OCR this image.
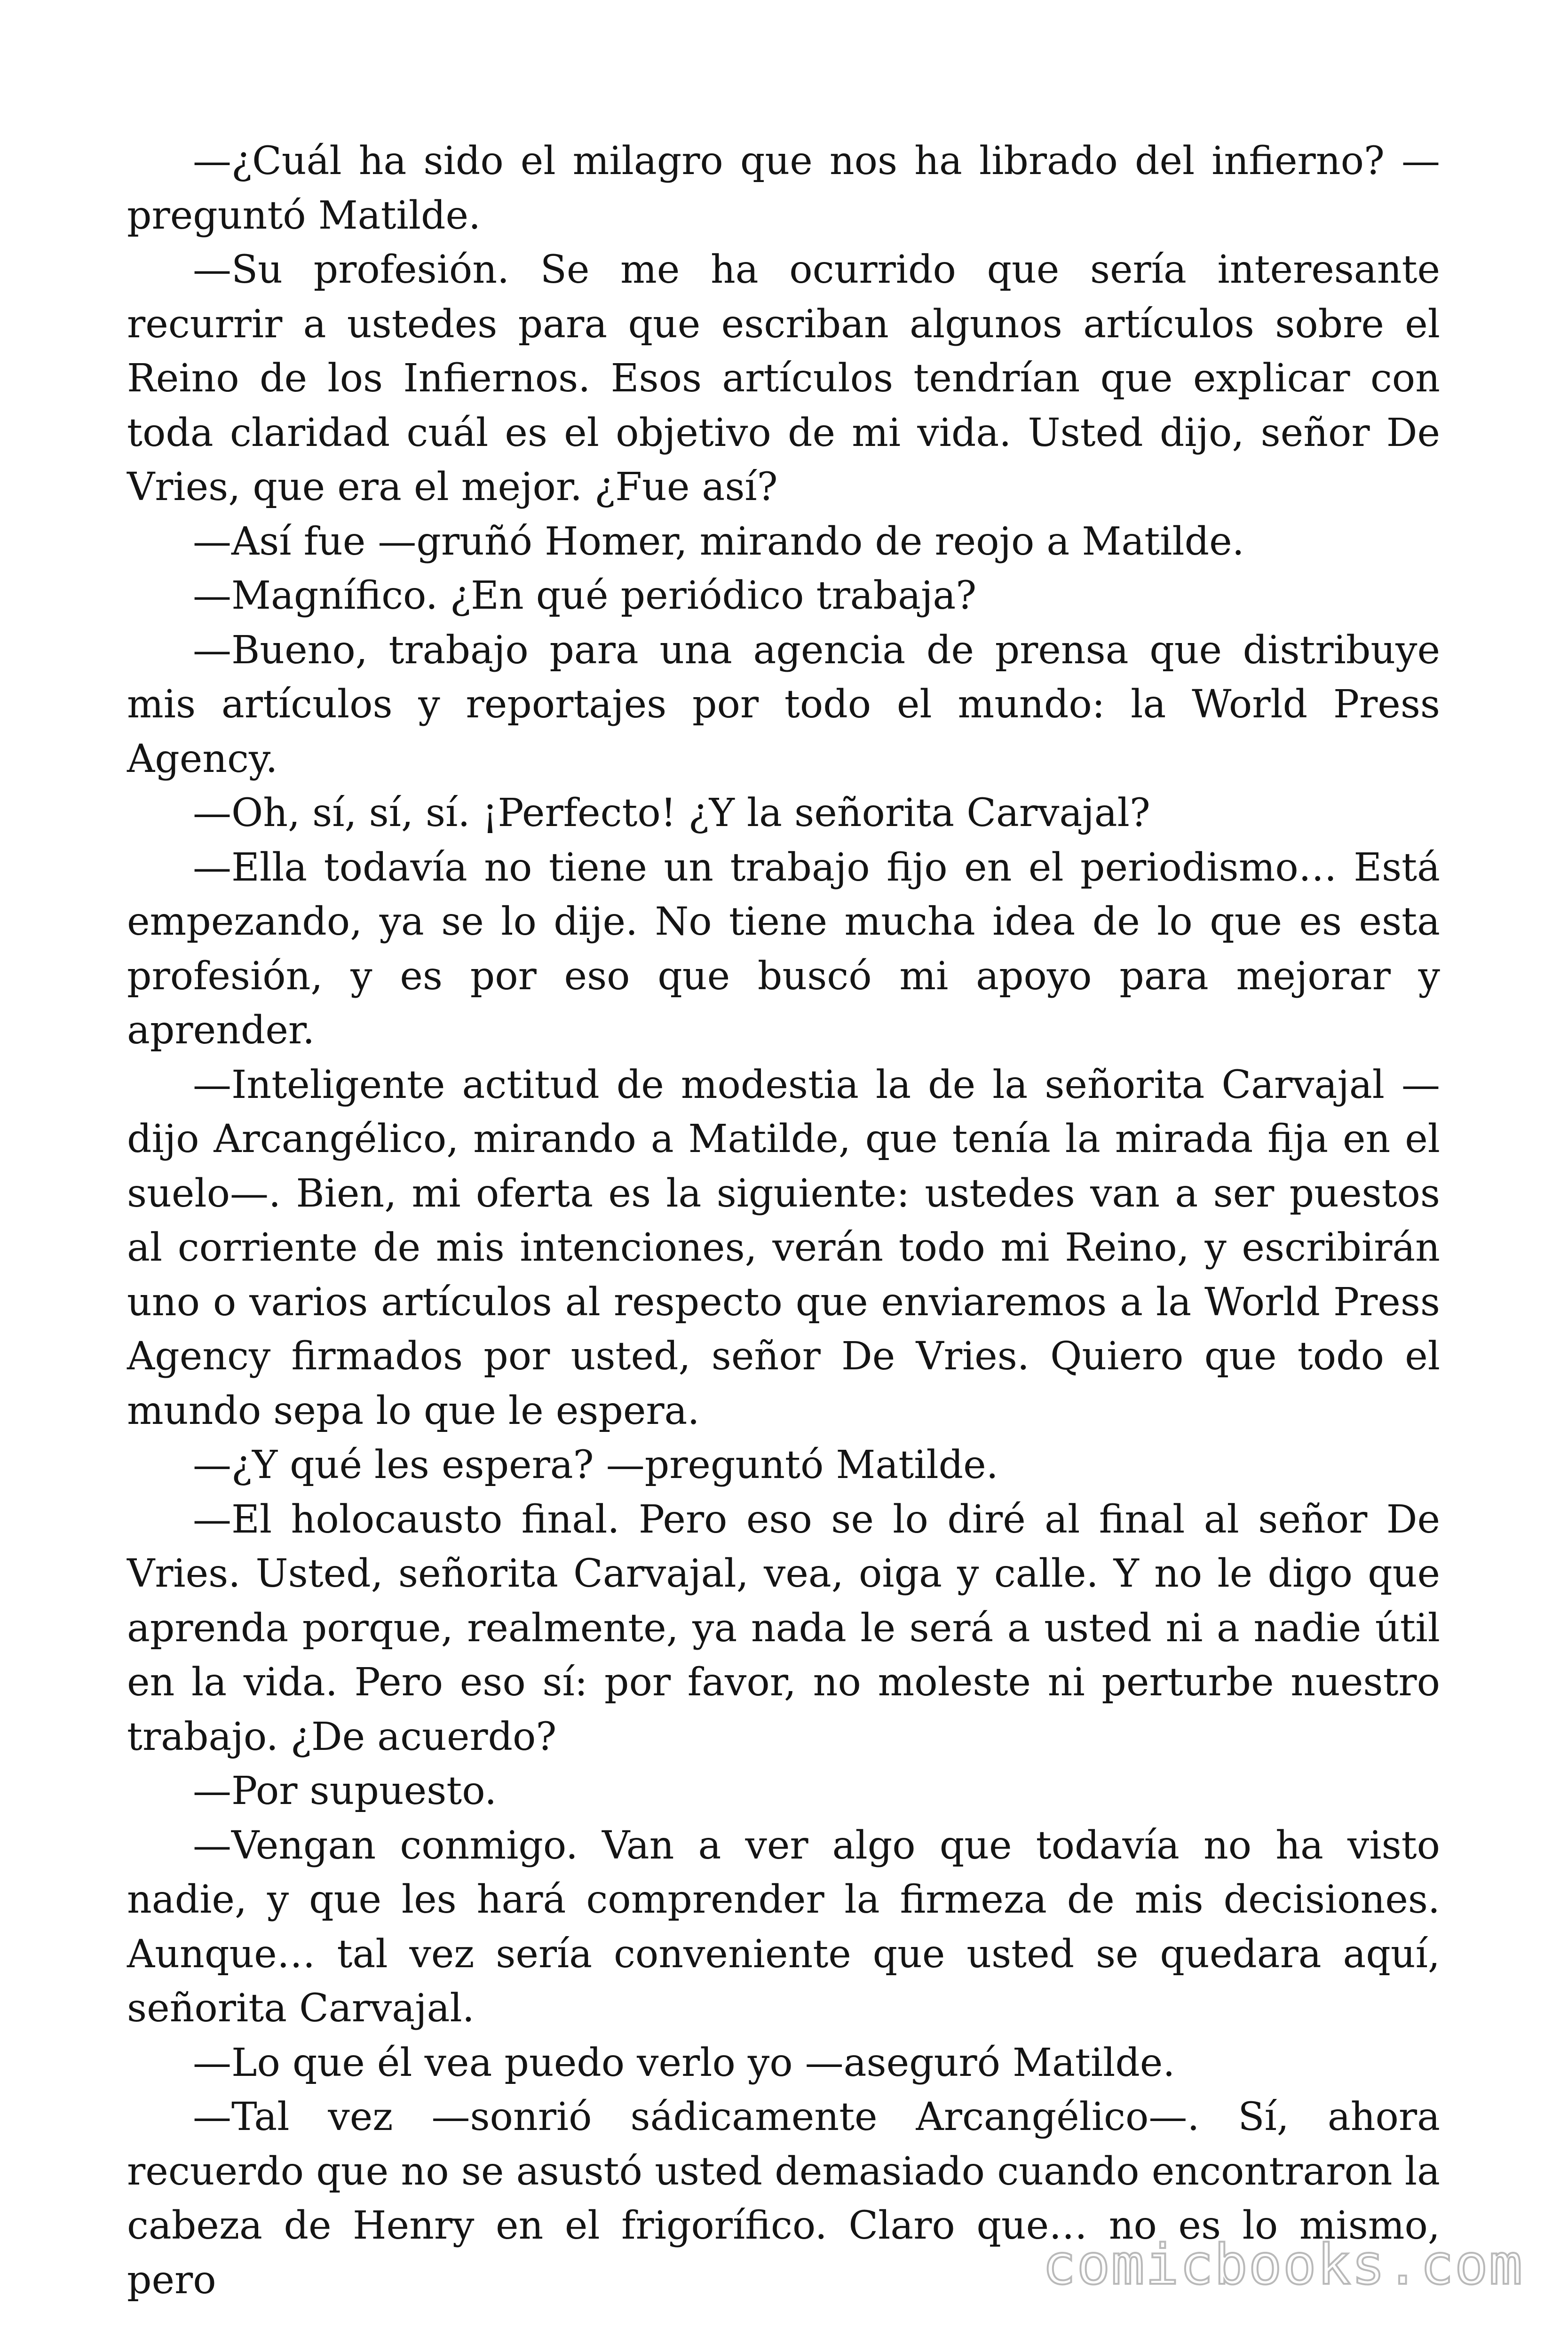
—¿Cuál ha sido el milagro que nos ha librado del infierno? —preguntó Matilde.

—Su profesión. Se me ha ocurrido que sería interesante recurrir a ustedes para que escriban algunos artículos sobre el Reino de los Infiernos. Esos artículos tendrían que explicar con toda claridad cuál es el objetivo de mi vida. Usted dijo, señor De Vries, que era el mejor. ¿Fue así?

—Así fue —gruñó Homer, mirando de reojo a Matilde.

—Magnífico. ¿En qué periódico trabaja?

—Bueno, trabajo para una agencia de prensa que distribuye mis artículos y reportajes por todo el mundo: la World Press Agency.

—Oh, sí, sí, sí. ¡Perfecto! ¿Y la señorita Carvajal?

—Ella todavía no tiene un trabajo fijo en el periodismo… Está empezando, ya se lo dije. No tiene mucha idea de lo que es esta profesión, y es por eso que buscó mi apoyo para mejorar y aprender.

—Inteligente actitud de modestia la de la señorita Carvajal —dijo Arcangélico, mirando a Matilde, que tenía la mirada fija en el suelo—. Bien, mi oferta es la siguiente: ustedes van a ser puestos al corriente de mis intenciones, verán todo mi Reino, y escribirán uno o varios artículos al respecto que enviaremos a la World Press Agency firmados por usted, señor De Vries. Quiero que todo el mundo sepa lo que le espera.

—¿Y qué les espera? —preguntó Matilde.

—El holocausto final. Pero eso se lo diré al final al señor De Vries. Usted, señorita Carvajal, vea, oiga y calle. Y no le digo que aprenda porque, realmente, ya nada le será a usted ni a nadie útil en la vida. Pero eso sí: por favor, no moleste ni perturbe nuestro trabajo. ¿De acuerdo?

—Por supuesto.

—Vengan conmigo. Van a ver algo que todavía no ha visto nadie, y que les hará comprender la firmeza de mis decisiones. Aunque… tal vez sería conveniente que usted se quedara aquí, señorita Carvajal.

—Lo que él vea puedo verlo yo —aseguró Matilde.

—Tal vez —sonrió sádicamente Arcangélico—. Sí, ahora recuerdo que no se asustó usted demasiado cuando encontraron la cabeza de Henry en el frigorífico. Claro que… no es lo mismo, pero	comicbooks.com
